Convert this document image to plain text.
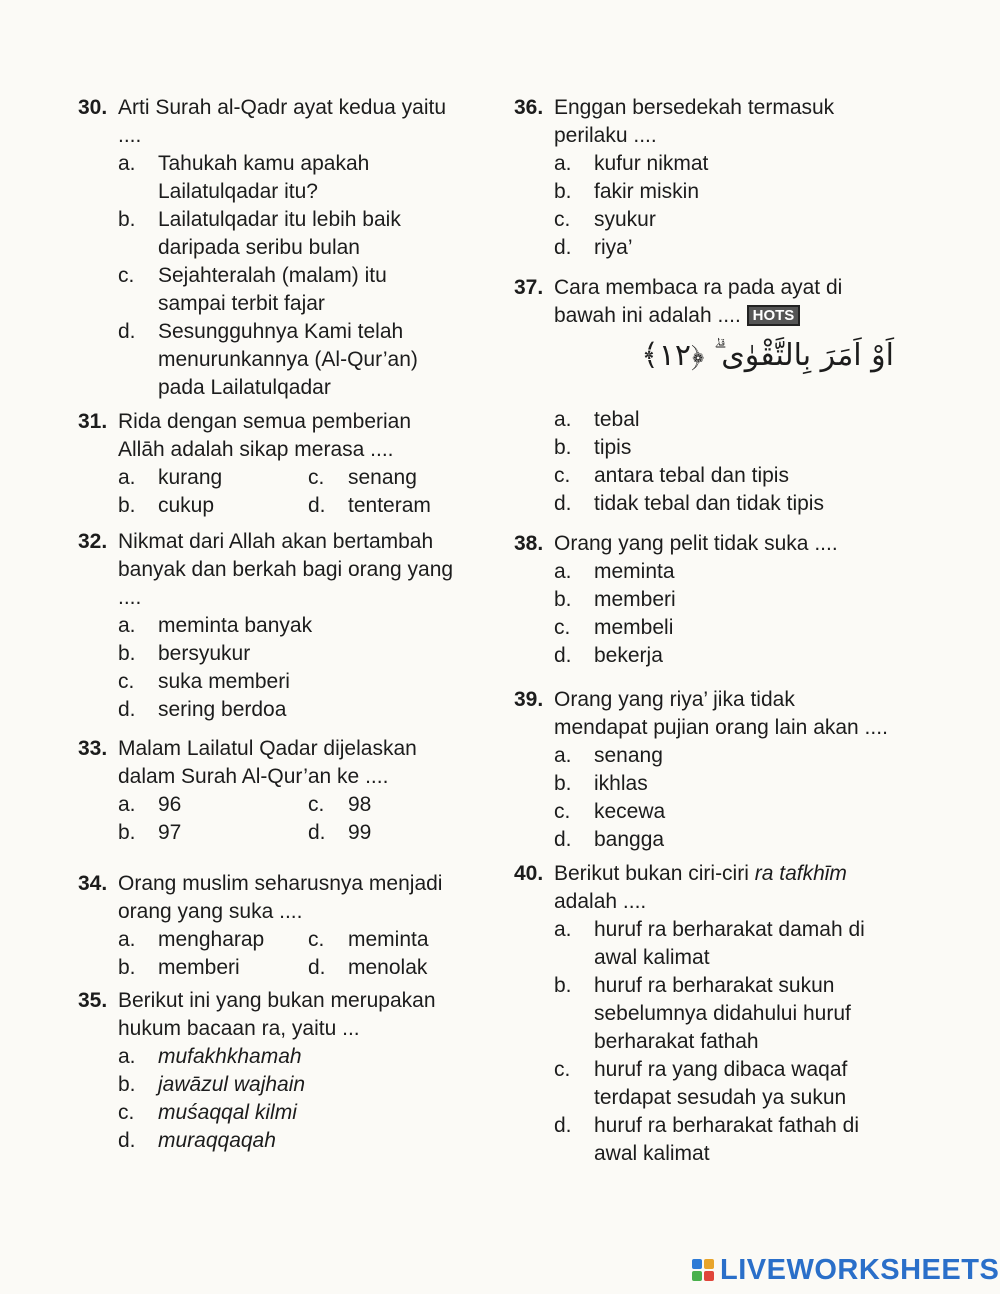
30. Arti Surah al-Qadr ayat kedua yaitu ....
a. Tahukah kamu apakah Lailatulqadar itu?
b. Lailatulqadar itu lebih baik daripada seribu bulan
c. Sejahteralah (malam) itu sampai terbit fajar
d. Sesungguhnya Kami telah menurunkannya (Al-Qur’an) pada Lailatulqadar
31. Rida dengan semua pemberian Allāh adalah sikap merasa ....
a. kurang	c. senang
b. cukup	d. tenteram
32. Nikmat dari Allah akan bertambah banyak dan berkah bagi orang yang ....
a. meminta banyak
b. bersyukur
c. suka memberi
d. sering berdoa
33. Malam Lailatul Qadar dijelaskan dalam Surah Al-Qur’an ke ....
a. 96	c. 98
b. 97	d. 99
34. Orang muslim seharusnya menjadi orang yang suka ....
a. mengharap c. meminta
b. memberi	d. menolak
35. Berikut ini yang bukan merupakan hukum bacaan ra, yaitu ...
a. mufakhkhamah
b. jawāzul wajhain
c. muśaqqal kilmi
d. muraqqaqah
36. Enggan bersedekah termasuk perilaku ....
a. kufur nikmat
b. fakir miskin
c. syukur
d. riya’
37. Cara membaca ra pada ayat di bawah ini adalah .... HOTS
اَوْ اَمَرَ بِالتَّقْوٰى ۗ ﴿١٢﴾
a. tebal
b. tipis
c. antara tebal dan tipis
d. tidak tebal dan tidak tipis
38. Orang yang pelit tidak suka ....
a. meminta
b. memberi
c. membeli
d. bekerja
39. Orang yang riya’ jika tidak mendapat pujian orang lain akan ....
a. senang
b. ikhlas
c. kecewa
d. bangga
40. Berikut bukan ciri-ciri ra tafkhīm adalah ....
a. huruf ra berharakat damah di awal kalimat
b. huruf ra berharakat sukun sebelumnya didahului huruf berharakat fathah
c. huruf ra yang dibaca waqaf terdapat sesudah ya sukun
d. huruf ra berharakat fathah di awal kalimat
LIVEWORKSHEETS
